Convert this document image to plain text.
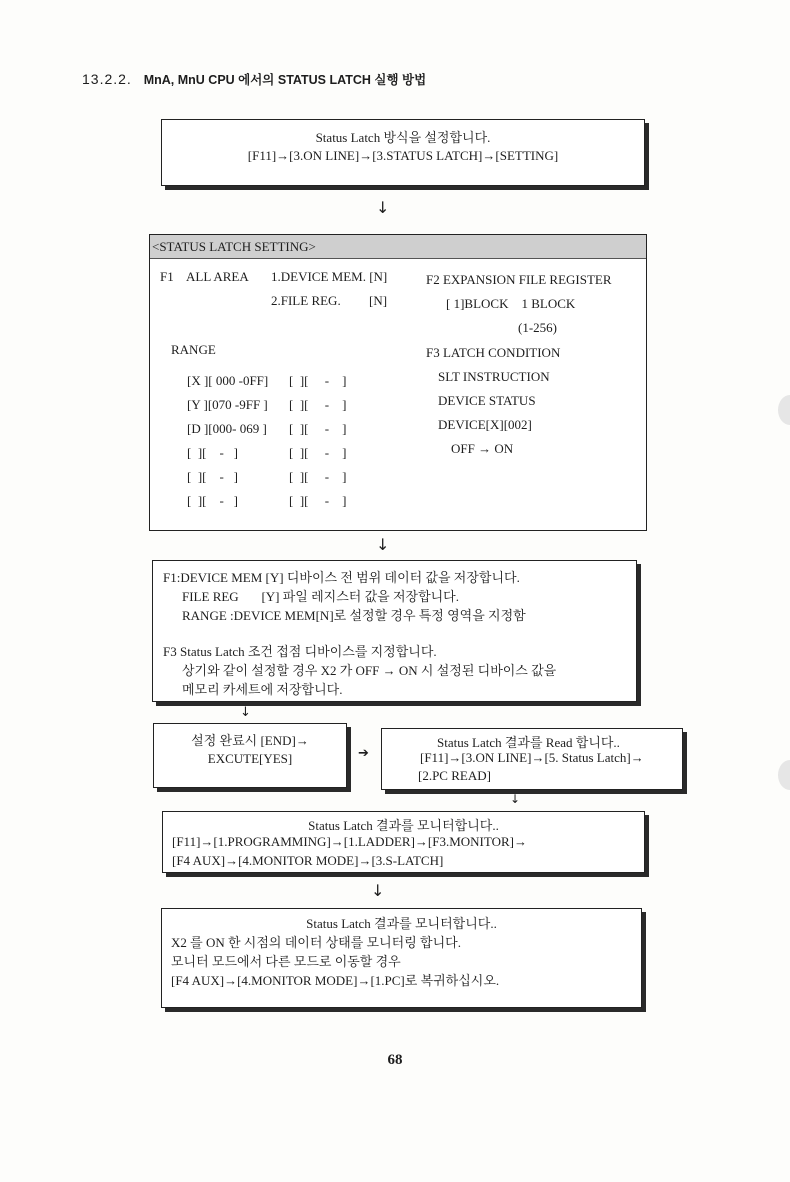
13.2.2. MnA, MnU CPU 에서의 STATUS LATCH 실행 방법
Status Latch 방식을 설정합니다.
[F11]→[3.ON LINE]→[3.STATUS LATCH]→[SETTING]
↓
<STATUS LATCH SETTING>
F1 ALL AREA 1.DEVICE MEM. [N]
2.FILE REG. [N]
RANGE
[X ][ 000 -0FF] [  ][     -    ]
[Y ][070 -9FF ] [  ][     -    ]
[D ][000- 069 ] [  ][     -    ]
[  ][    -   ]	[  ][     -    ]
[  ][    -   ]	[  ][     -    ]
[  ][    -   ]	[  ][     -    ]
F2 EXPANSION FILE REGISTER
[ 1]BLOCK    1 BLOCK
(1-256)
F3 LATCH CONDITION
SLT INSTRUCTION
DEVICE STATUS
DEVICE[X][002]
OFF → ON
↓
F1:DEVICE MEM [Y] 디바이스 전 범위 데이터 값을 저장합니다.
FILE REG       [Y] 파일 레지스터 값을 저장합니다.
RANGE :DEVICE MEM[N]로 설정할 경우 특정 영역을 지정함
F3 Status Latch 조건 접점 디바이스를 지정합니다.
상기와 같이 설정할 경우 X2 가 OFF → ON 시 설정된 디바이스 값을
메모리 카세트에 저장합니다.
↓
설정 완료시 [END]→
EXCUTE[YES]	➔
Status Latch 결과를 Read 합니다..
[F11]→[3.ON LINE]→[5. Status Latch]→
[2.PC READ]
↓
Status Latch 결과를 모니터합니다..
[F11]→[1.PROGRAMMING]→[1.LADDER]→[F3.MONITOR]→
[F4 AUX]→[4.MONITOR MODE]→[3.S-LATCH]
↓
Status Latch 결과를 모니터합니다..
X2 를 ON 한 시점의 데이터 상태를 모니터링 합니다.
모니터 모드에서 다른 모드로 이동할 경우
[F4 AUX]→[4.MONITOR MODE]→[1.PC]로 복귀하십시오.
68
